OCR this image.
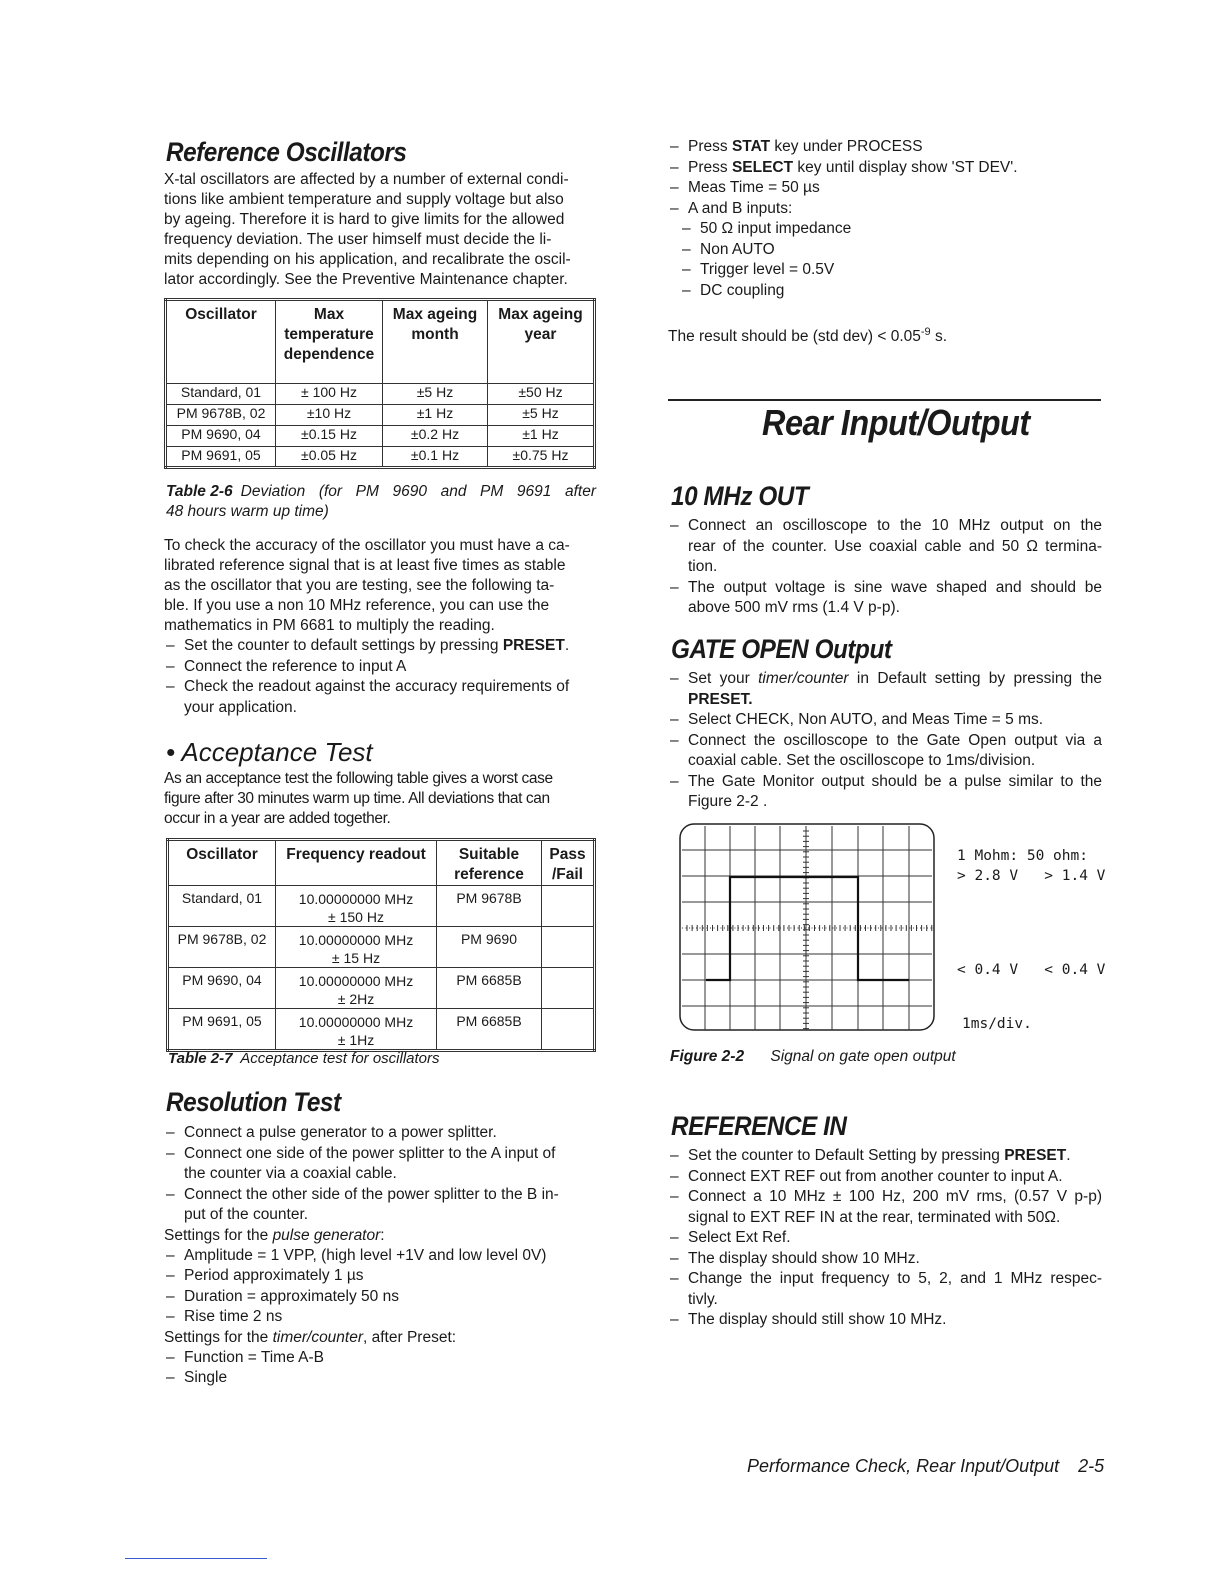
Reference Oscillators

X-tal oscillators are affected by a number of external condi-

tions like ambient temperature and supply voltage but also

by ageing. Therefore it is hard to give limits for the allowed

frequency deviation. The user himself must decide the li-

mits depending on his application, and recalibrate the oscil-

lator accordingly. See the Preventive Maintenance chapter.

Oscillator	Max temperature dependence	Max ageing month	Max ageing year
Standard, 01	± 100 Hz	±5 Hz	±50 Hz
PM 9678B, 02	±10 Hz	±1 Hz	±5 Hz
PM 9690, 04	±0.15 Hz	±0.2 Hz	±1 Hz
PM 9691, 05	±0.05 Hz	±0.1 Hz	±0.75 Hz
Table 2-6 Deviation (for PM 9690 and PM 9691 after
48 hours warm up time)

To check the accuracy of the oscillator you must have a ca-

librated reference signal that is at least five times as stable

as the oscillator that you are testing, see the following ta-

ble. If you use a non 10 MHz reference, you can use the

mathematics in PM 6681 to multiply the reading.

– Set the counter to default settings by pressing PRESET.
– Connect the reference to input A
– Check the readout against the accuracy requirements of
your application.
• Acceptance Test

As an acceptance test the following table gives a worst case

figure after 30 minutes warm up time. All deviations that can

occur in a year are added together.

Oscillator	Frequency readout	Suitable reference	Pass /Fail
Standard, 01	10.00000000 MHz
± 150 Hz	PM 9678B	
PM 9678B, 02	10.00000000 MHz
± 15 Hz	PM 9690	
PM 9690, 04	10.00000000 MHz
± 2Hz	PM 6685B	
PM 9691, 05	10.00000000 MHz
± 1Hz	PM 6685B	
Table 2-7 Acceptance test for oscillators
Resolution Test
– Connect a pulse generator to a power splitter.
– Connect one side of the power splitter to the A input of
the counter via a coaxial cable.
– Connect the other side of the power splitter to the B in-
put of the counter.

Settings for the pulse generator:

– Amplitude = 1 VPP, (high level +1V and low level 0V)
– Period approximately 1 µs
– Duration = approximately 50 ns
– Rise time 2 ns

Settings for the timer/counter, after Preset:

– Function = Time A-B
– Single
– Press STAT key under PROCESS
– Press SELECT key until display show 'ST DEV'.
– Meas Time = 50 µs
– A and B inputs:
– 50 Ω input impedance
– Non AUTO
– Trigger level = 0.5V
– DC coupling

The result should be (std $dev) < 0.05^{-9}$ s.

Rear Input/Output
10 MHz OUT
– Connect an oscilloscope to the 10 MHz output on the
rear of the counter. Use coaxial cable and 50 Ω termina-
tion.
– The output voltage is sine wave shaped and should be
above 500 mV rms (1.4 V p-p).
GATE OPEN Output
– Set your timer/counter in Default setting by pressing the
PRESET.
– Select CHECK, Non AUTO, and Meas Time = 5 ms.
– Connect the oscilloscope to the Gate Open output via a
coaxial cable. Set the oscilloscope to 1ms/division.
– The Gate Monitor output should be a pulse similar to the
Figure 2-2 .
1 Mohm: 50 ohm:
> 2.8 V   > 1.4 V
< 0.4 V   < 0.4 V
1ms/div.
Figure 2-2 Signal on gate open output
REFERENCE IN
– Set the counter to Default Setting by pressing PRESET.
– Connect EXT REF out from another counter to input A.
– Connect a 10 MHz ± 100 Hz, 200 mV rms, (0.57 V p-p)
signal to EXT REF IN at the rear, terminated with 50Ω.
– Select Ext Ref.
– The display should show 10 MHz.
– Change the input frequency to 5, 2, and 1 MHz respec-
tivly.
– The display should still show 10 MHz.
Performance Check, Rear Input/Output 2-5
